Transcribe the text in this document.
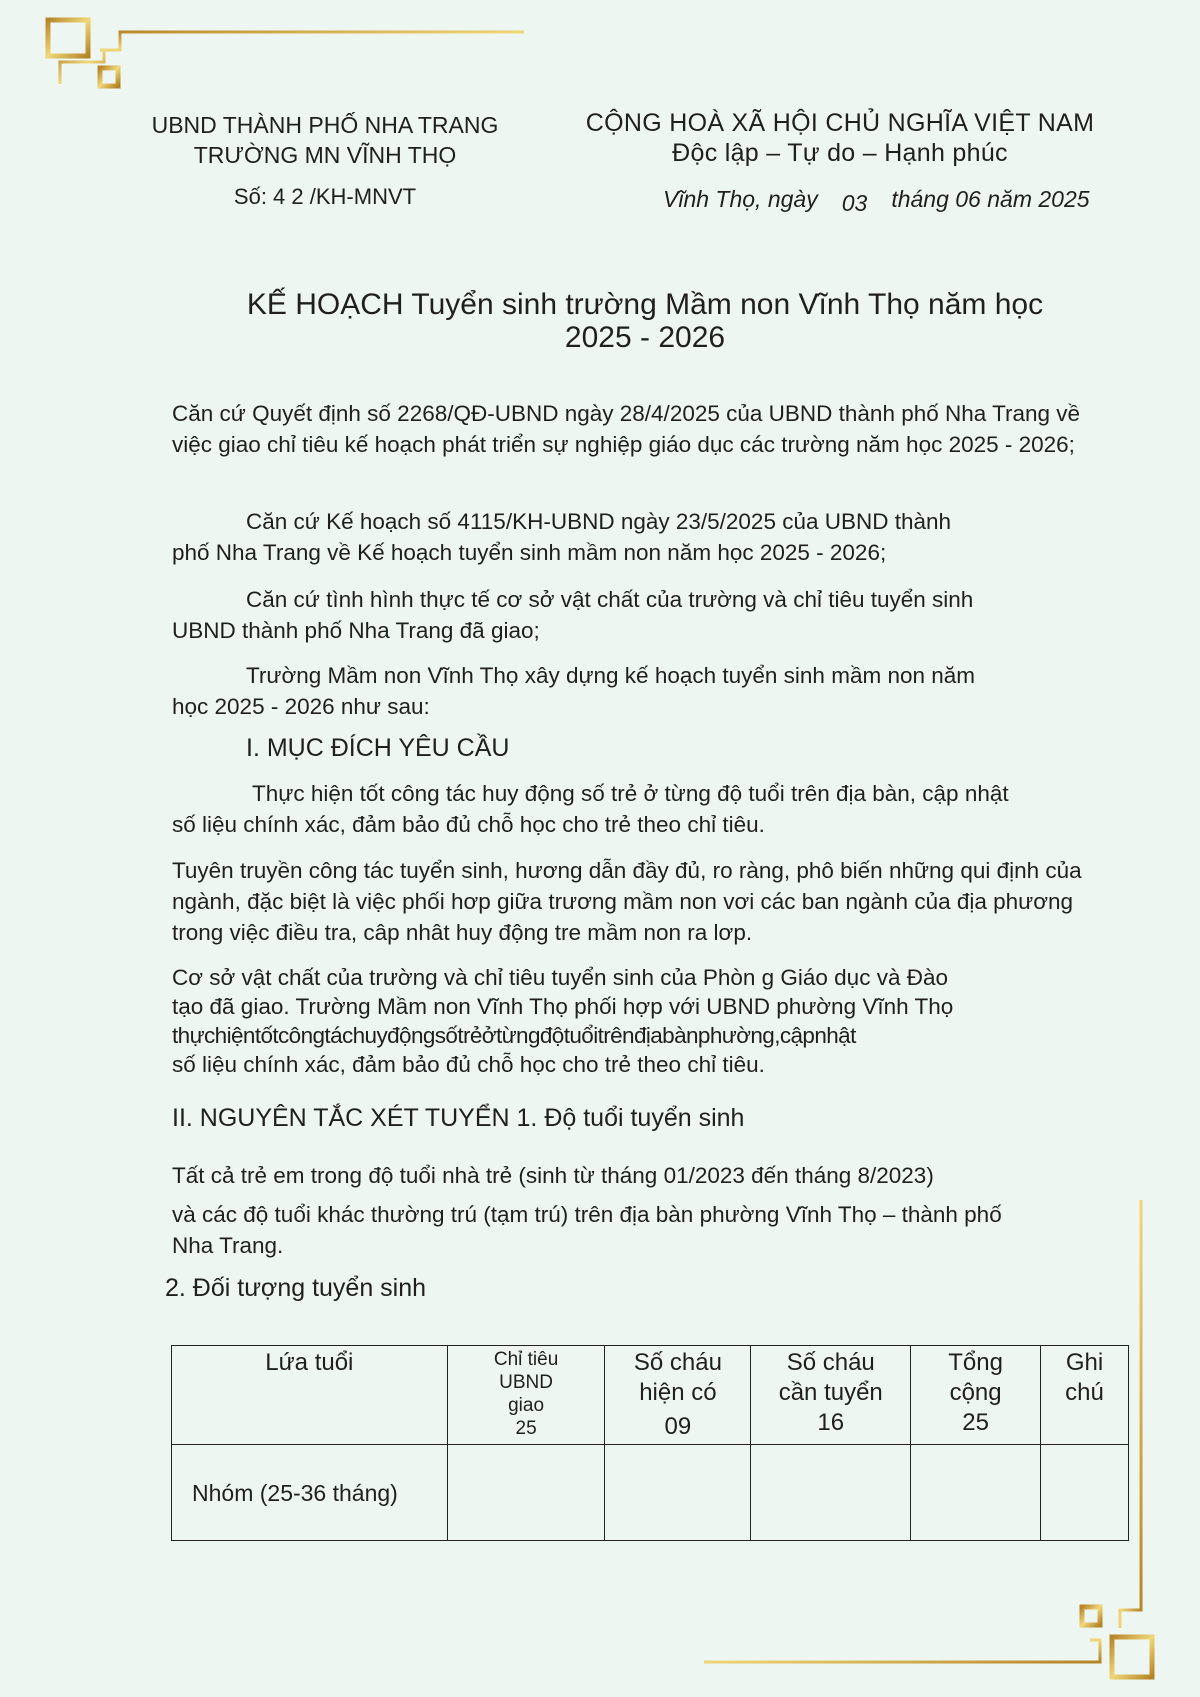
UBND THÀNH PHỐ NHA TRANG
TRƯỜNG MN VĨNH THỌ
Số: 4 2 /KH-MNVT
CỘNG HOÀ XÃ HỘI CHỦ NGHĨA VIỆT NAM
Độc lập – Tự do – Hạnh phúc
Vĩnh Thọ, ngày 03 tháng 06 năm 2025
KẾ HOẠCH Tuyển sinh trường Mầm non Vĩnh Thọ năm học
2025 - 2026
Căn cứ Quyết định số 2268/QĐ-UBND ngày 28/4/2025 của UBND thành phố Nha Trang về
việc giao chỉ tiêu kế hoạch phát triển sự nghiệp giáo dục các trường năm học 2025 - 2026;
Căn cứ Kế hoạch số 4115/KH-UBND ngày 23/5/2025 của UBND thành
phố Nha Trang về Kế hoạch tuyển sinh mầm non năm học 2025 - 2026;
Căn cứ tình hình thực tế cơ sở vật chất của trường và chỉ tiêu tuyển sinh
UBND thành phố Nha Trang đã giao;
Trường Mầm non Vĩnh Thọ xây dựng kế hoạch tuyển sinh mầm non năm
học 2025 - 2026 như sau:
I. MỤC ĐÍCH YÊU CẦU
Thực hiện tốt công tác huy động số trẻ ở từng độ tuổi trên địa bàn, cập nhật
số liệu chính xác, đảm bảo đủ chỗ học cho trẻ theo chỉ tiêu.
Tuyên truyền công tác tuyển sinh, hương dẫn đầy đủ, ro ràng, phô biến những qui định của
ngành, đặc biệt là việc phối hơp giữa trương mầm non vơi các ban ngành của địa phương
trong việc điều tra, câp nhât huy động tre mầm non ra lơp.
Cơ sở vật chất của trường và chỉ tiêu tuyển sinh của Phòn g Giáo dục và Đào
tạo đã giao. Trường Mầm non Vĩnh Thọ phối hợp với UBND phường Vĩnh Thọ
thựchiệntốtcôngtáchuyđộngsốtrẻởtừngđộtuổitrênđịabànphường,cậpnhật
số liệu chính xác, đảm bảo đủ chỗ học cho trẻ theo chỉ tiêu.
II. NGUYÊN TẮC XÉT TUYỂN 1. Độ tuổi tuyển sinh
Tất cả trẻ em trong độ tuổi nhà trẻ (sinh từ tháng 01/2023 đến tháng 8/2023)
và các độ tuổi khác thường trú (tạm trú) trên địa bàn phường Vĩnh Thọ – thành phố
Nha Trang.
2. Đối tượng tuyển sinh
Lứa tuổi	Chỉ tiêu
UBND
giao
25	Số cháu
hiện có
09	Số cháu
cần tuyển
16	Tổng
cộng
25	Ghi
chú

Nhóm (25-36 tháng)					
